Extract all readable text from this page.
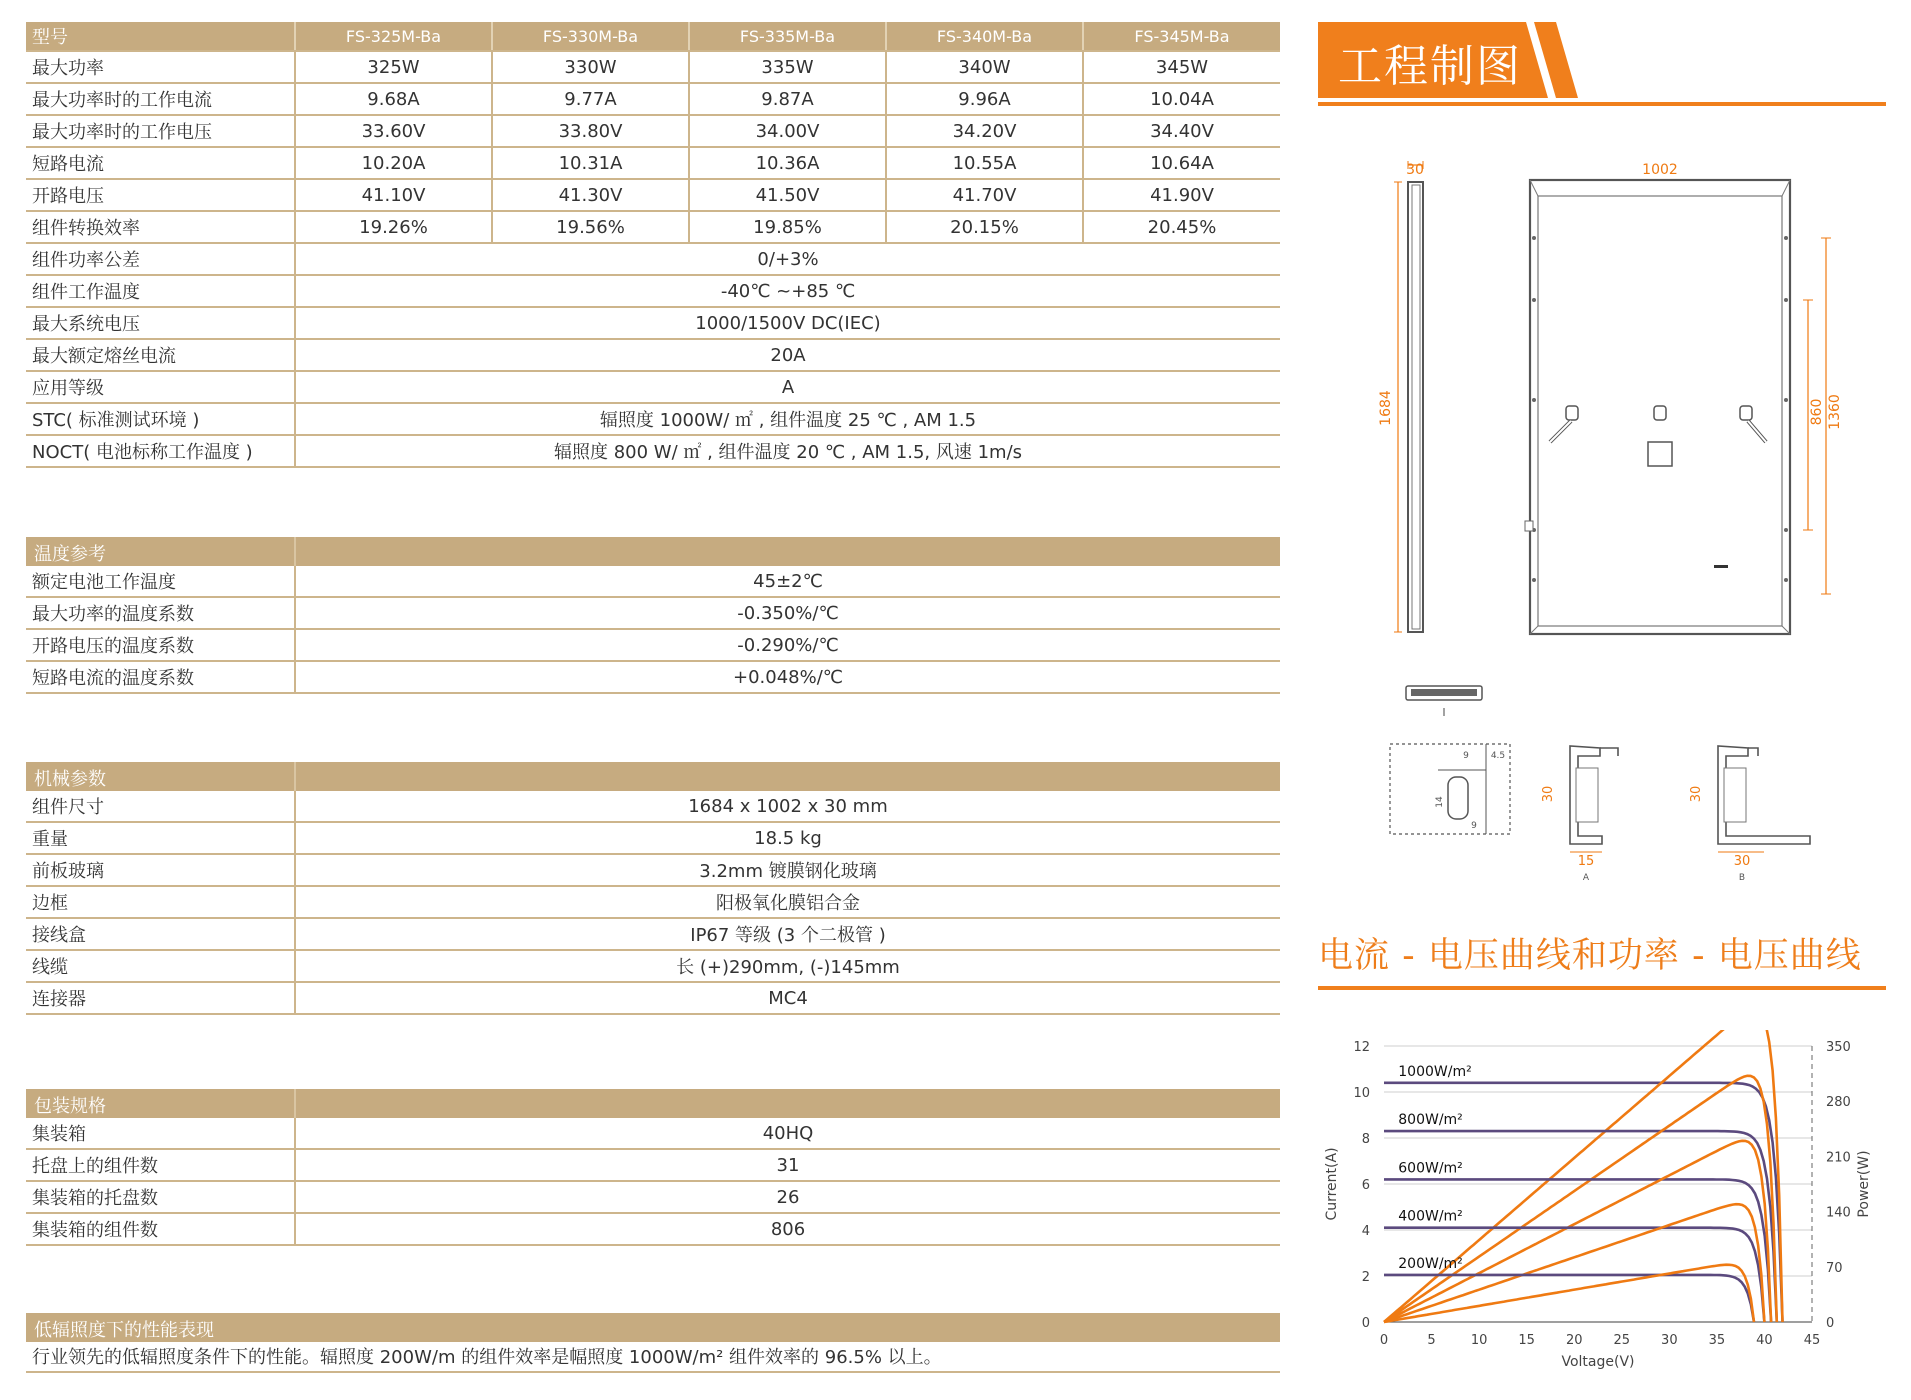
型号	FS-325M-Ba	FS-330M-Ba	FS-335M-Ba	FS-340M-Ba	FS-345M-Ba
最大功率	325W	330W	335W	340W	345W
最大功率时的工作电流	9.68A	9.77A	9.87A	9.96A	10.04A
最大功率时的工作电压	33.60V	33.80V	34.00V	34.20V	34.40V
短路电流	10.20A	10.31A	10.36A	10.55A	10.64A
开路电压	41.10V	41.30V	41.50V	41.70V	41.90V
组件转换效率	19.26%	19.56%	19.85%	20.15%	20.45%
组件功率公差	0/+3%				
组件工作温度	-40℃ ~+85 ℃				
最大系统电压	1000/1500V DC(IEC)				
最大额定熔丝电流	20A				
应用等级	A				
STC( 标准测试环境 )	辐照度 1000W/ ㎡ , 组件温度 25 ℃ , AM 1.5				
NOCT( 电池标称工作温度 )	辐照度 800 W/ ㎡ , 组件温度 20 ℃ , AM 1.5, 风速 1m/s				
温度参考
额定电池工作温度	45±2℃
最大功率的温度系数	-0.350%/℃
开路电压的温度系数	-0.290%/℃
短路电流的温度系数	+0.048%/℃
机械参数
组件尺寸	1684 x 1002 x 30 mm
重量	18.5 kg
前板玻璃	3.2mm 镀膜钢化玻璃
边框	阳极氧化膜铝合金
接线盒	IP67 等级 (3 个二极管 )
线缆	长 (+)290mm, (-)145mm
连接器	MC4
包装规格
集装箱	40HQ
托盘上的组件数	31
集装箱的托盘数	26
集装箱的组件数	806
低辐照度下的性能表现
行业领先的低辐照度条件下的性能。辐照度 200W/m 的组件效率是幅照度 1000W/m² 组件效率的 96.5% 以上。
工程制图
30
1684
1002
860 1360
I
9 4.5
14
9
30
15
A
30
30
B
电流 - 电压曲线和功率 - 电压曲线
0
2
4
6
8
10
12
0	5	10 15 20 25 30 35 40 45
0
70
140
210
280
350
Voltage(V)
Current(A)	Power(W)
1000W/m²
800W/m²
600W/m²
400W/m²
200W/m²
